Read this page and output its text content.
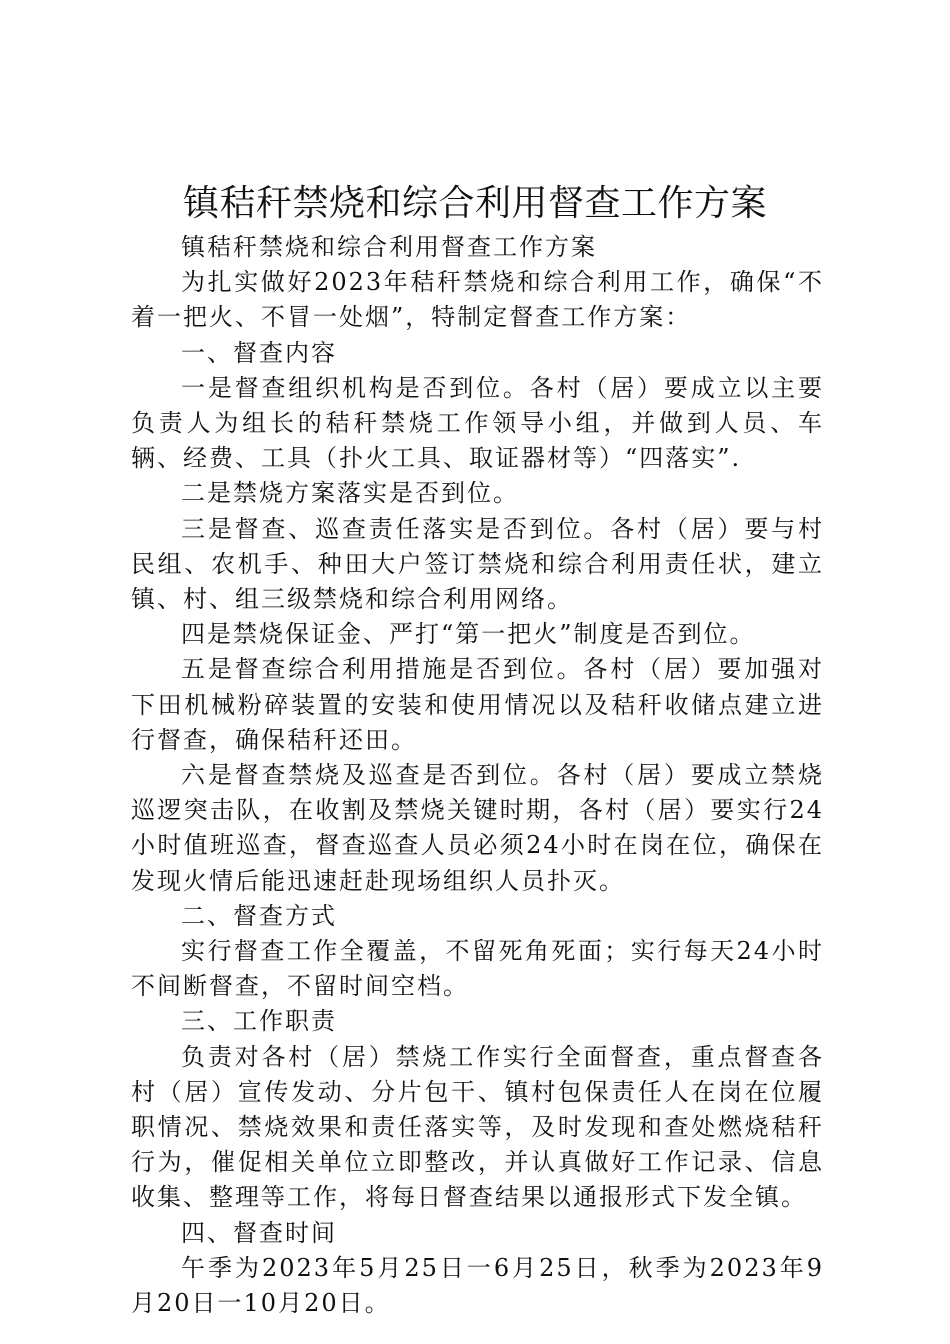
镇秸秆禁烧和综合利用督查工作方案

镇秸秆禁烧和综合利用督查工作方案

为扎实做好2023年秸秆禁烧和综合利用工作，确保“不着一把火、不冒一处烟”，特制定督查工作方案：

一、督查内容

一是督查组织机构是否到位。各村（居）要成立以主要负责人为组长的秸秆禁烧工作领导小组，并做到人员、车辆、经费、工具（扑火工具、取证器材等）“四落实”.

二是禁烧方案落实是否到位。

三是督查、巡查责任落实是否到位。各村（居）要与村民组、农机手、种田大户签订禁烧和综合利用责任状，建立镇、村、组三级禁烧和综合利用网络。

四是禁烧保证金、严打“第一把火”制度是否到位。

五是督查综合利用措施是否到位。各村（居）要加强对下田机械粉碎装置的安装和使用情况以及秸秆收储点建立进行督查，确保秸秆还田。

六是督查禁烧及巡查是否到位。各村（居）要成立禁烧巡逻突击队，在收割及禁烧关键时期，各村（居）要实行24小时值班巡查，督查巡查人员必须24小时在岗在位，确保在发现火情后能迅速赶赴现场组织人员扑灭。

二、督查方式

实行督查工作全覆盖，不留死角死面；实行每天24小时不间断督查，不留时间空档。

三、工作职责

负责对各村（居）禁烧工作实行全面督查，重点督查各村（居）宣传发动、分片包干、镇村包保责任人在岗在位履职情况、禁烧效果和责任落实等，及时发现和查处燃烧秸秆行为，催促相关单位立即整改，并认真做好工作记录、信息收集、整理等工作，将每日督查结果以通报形式下发全镇。

四、督查时间

午季为2023年5月25日一6月25日，秋季为2023年9月20日一10月20日。
